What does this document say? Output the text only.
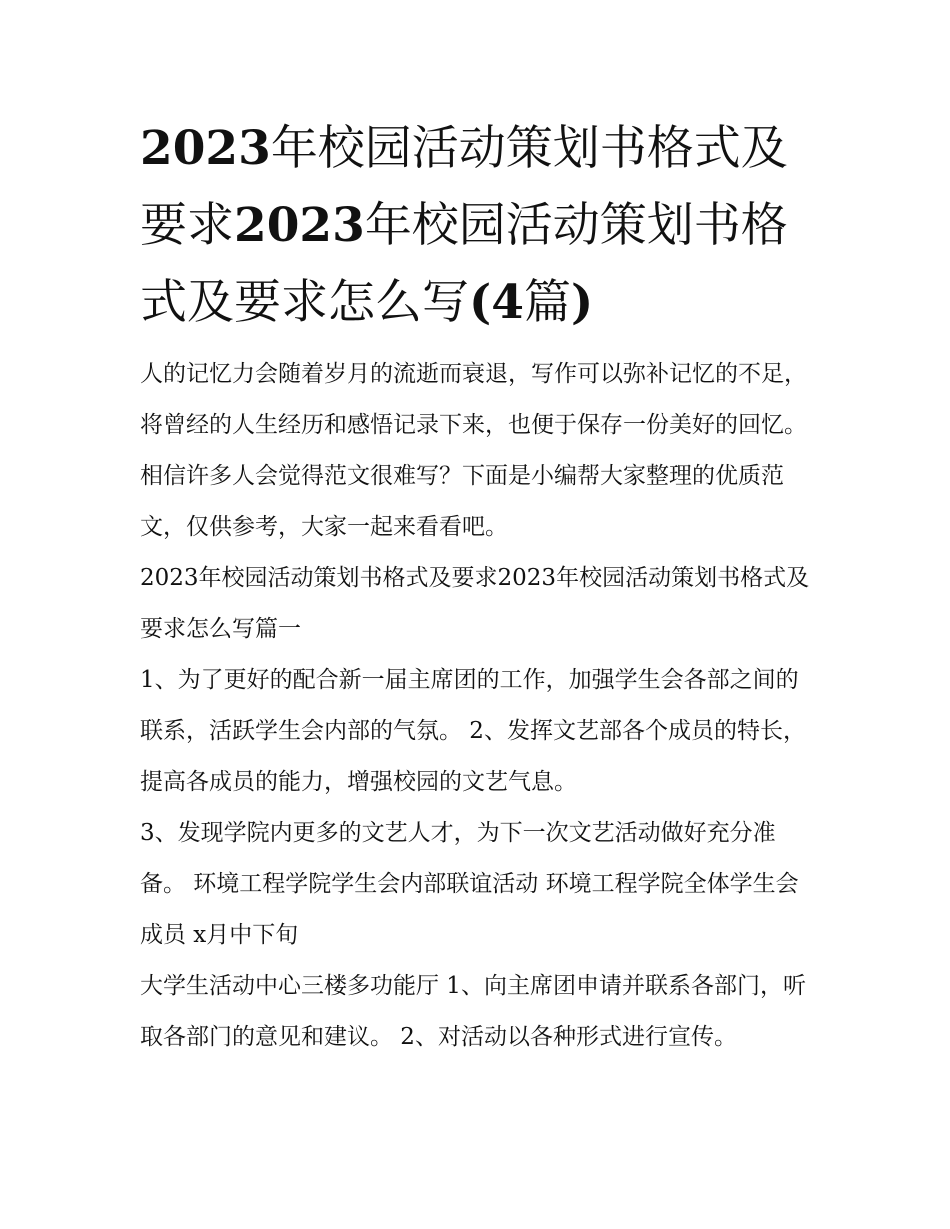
2023年校园活动策划书格式及要求2023年校园活动策划书格式及要求怎么写(4篇)

人的记忆力会随着岁月的流逝而衰退，写作可以弥补记忆的不足，将曾经的人生经历和感悟记录下来，也便于保存一份美好的回忆。相信许多人会觉得范文很难写？下面是小编帮大家整理的优质范文，仅供参考，大家一起来看看吧。

2023年校园活动策划书格式及要求2023年校园活动策划书格式及要求怎么写篇一

1、为了更好的配合新一届主席团的工作，加强学生会各部之间的联系，活跃学生会内部的气氛。 2、发挥文艺部各个成员的特长，提高各成员的能力，增强校园的文艺气息。

3、发现学院内更多的文艺人才，为下一次文艺活动做好充分准备。 环境工程学院学生会内部联谊活动 环境工程学院全体学生会成员 x月中下旬

大学生活动中心三楼多功能厅 1、向主席团申请并联系各部门，听取各部门的意见和建议。 2、对活动以各种形式进行宣传。
